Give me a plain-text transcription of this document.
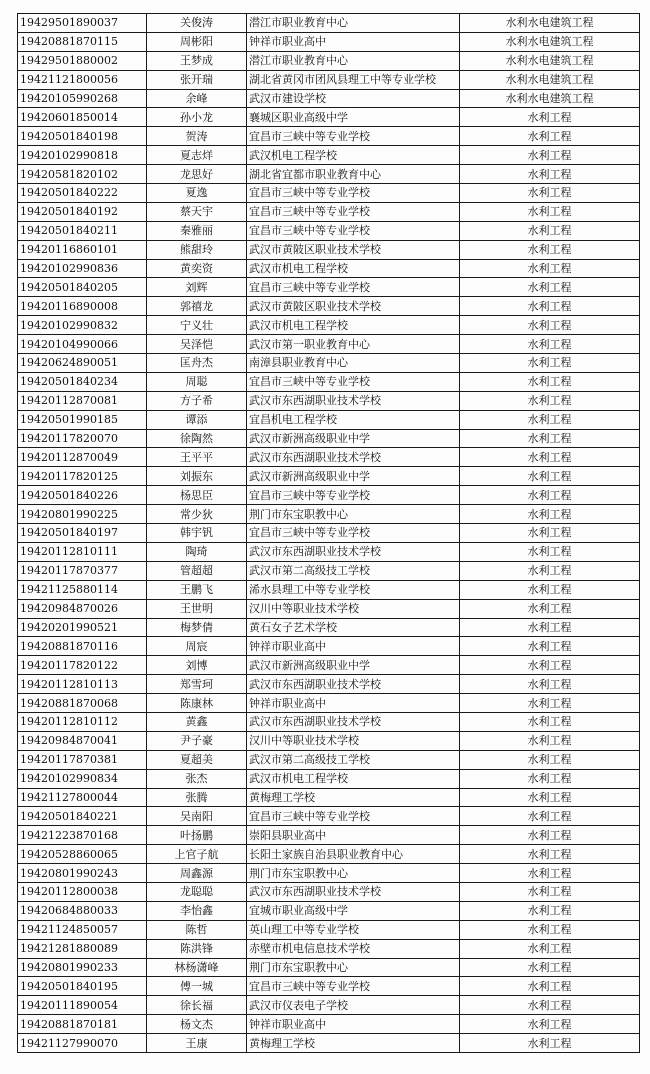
19429501890037	关俊涛	潜江市职业教育中心	水利水电建筑工程
19420881870115	周彬阳	钟祥市职业高中	水利水电建筑工程
19429501880002	王梦成	潜江市职业教育中心	水利水电建筑工程
19421121800056	张开瑞	湖北省黄冈市团风县理工中等专业学校	水利水电建筑工程
19420105990268	余峰	武汉市建设学校	水利水电建筑工程
19420601850014	孙小龙	襄城区职业高级中学	水利工程
19420501840198	贺涛	宜昌市三峡中等专业学校	水利工程
19420102990818	夏志烊	武汉机电工程学校	水利工程
19420581820102	龙思好	湖北省宜都市职业教育中心	水利工程
19420501840222	夏逸	宜昌市三峡中等专业学校	水利工程
19420501840192	蔡天宇	宜昌市三峡中等专业学校	水利工程
19420501840211	秦雅丽	宜昌市三峡中等专业学校	水利工程
19420116860101	熊甜玲	武汉市黄陂区职业技术学校	水利工程
19420102990836	黄奕资	武汉市机电工程学校	水利工程
19420501840205	刘辉	宜昌市三峡中等专业学校	水利工程
19420116890008	郭禧龙	武汉市黄陂区职业技术学校	水利工程
19420102990832	宁义壮	武汉市机电工程学校	水利工程
19420104990066	吴泽恺	武汉市第一职业教育中心	水利工程
19420624890051	匡舟杰	南漳县职业教育中心	水利工程
19420501840234	周聪	宜昌市三峡中等专业学校	水利工程
19420112870081	方子希	武汉市东西湖职业技术学校	水利工程
19420501990185	谭添	宜昌机电工程学校	水利工程
19420117820070	徐陶然	武汉市新洲高级职业中学	水利工程
19420112870049	王平平	武汉市东西湖职业技术学校	水利工程
19420117820125	刘振东	武汉市新洲高级职业中学	水利工程
19420501840226	杨思臣	宜昌市三峡中等专业学校	水利工程
19420801990225	常少狄	荆门市东宝职教中心	水利工程
19420501840197	韩宇钒	宜昌市三峡中等专业学校	水利工程
19420112810111	陶琦	武汉市东西湖职业技术学校	水利工程
19420117870377	管超超	武汉市第二高级技工学校	水利工程
19421125880114	王鹏飞	浠水县理工中等专业学校	水利工程
19420984870026	王世明	汉川中等职业技术学校	水利工程
19420201990521	梅梦倩	黄石女子艺术学校	水利工程
19420881870116	周宸	钟祥市职业高中	水利工程
19420117820122	刘博	武汉市新洲高级职业中学	水利工程
19420112810113	郑雪珂	武汉市东西湖职业技术学校	水利工程
19420881870068	陈康林	钟祥市职业高中	水利工程
19420112810112	黄鑫	武汉市东西湖职业技术学校	水利工程
19420984870041	尹子豪	汉川中等职业技术学校	水利工程
19420117870381	夏超美	武汉市第二高级技工学校	水利工程
19420102990834	张杰	武汉市机电工程学校	水利工程
19421127800044	张腾	黄梅理工学校	水利工程
19420501840221	吴南阳	宜昌市三峡中等专业学校	水利工程
19421223870168	叶扬鹏	崇阳县职业高中	水利工程
19420528860065	上官子航	长阳土家族自治县职业教育中心	水利工程
19420801990243	周鑫源	荆门市东宝职教中心	水利工程
19420112800038	龙聪聪	武汉市东西湖职业技术学校	水利工程
19420684880033	李怡鑫	宜城市职业高级中学	水利工程
19421124850057	陈哲	英山理工中等专业学校	水利工程
19421281880089	陈洪锋	赤壁市机电信息技术学校	水利工程
19420801990233	林杨潇峰	荆门市东宝职教中心	水利工程
19420501840195	傅一城	宜昌市三峡中等专业学校	水利工程
19420111890054	徐长福	武汉市仪表电子学校	水利工程
19420881870181	杨文杰	钟祥市职业高中	水利工程
19421127990070	王康	黄梅理工学校	水利工程
